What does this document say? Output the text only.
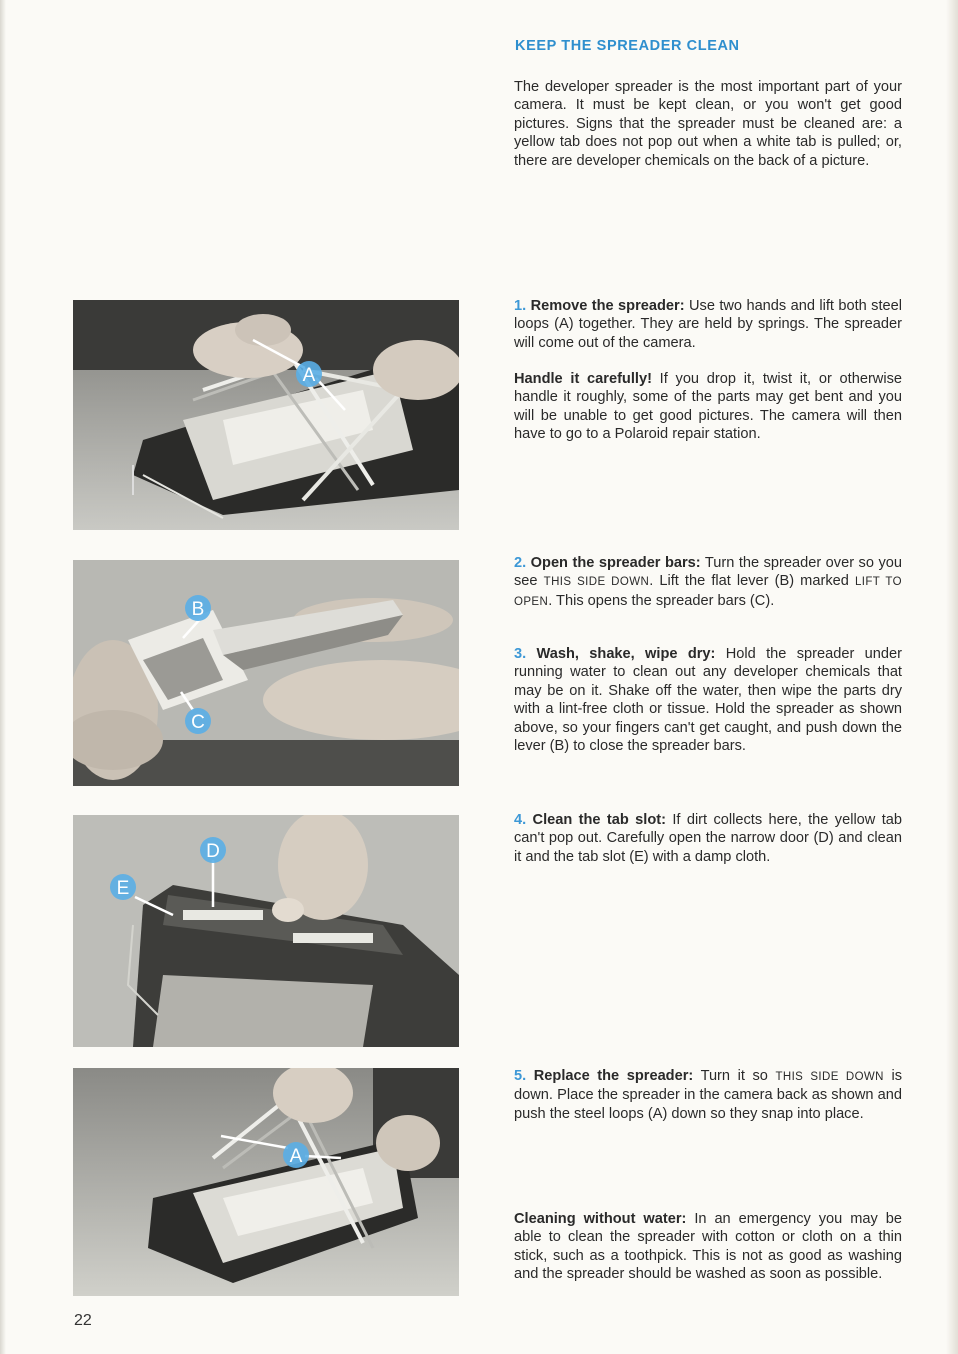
KEEP THE SPREADER CLEAN

The developer spreader is the most important part of your camera. It must be kept clean, or you won't get good pictures. Signs that the spreader must be cleaned are: a yellow tab does not pop out when a white tab is pulled; or, there are developer chemicals on the back of a picture.

1. Remove the spreader: Use two hands and lift both steel loops (A) together. They are held by springs. The spreader will come out of the camera.

Handle it carefully! If you drop it, twist it, or otherwise handle it roughly, some of the parts may get bent and you will be unable to get good pictures. The camera will then have to go to a Polaroid repair station.

2. Open the spreader bars: Turn the spreader over so you see THIS SIDE DOWN. Lift the flat lever (B) marked LIFT TO OPEN. This opens the spreader bars (C).

3. Wash, shake, wipe dry: Hold the spreader under running water to clean out any developer chemicals that may be on it. Shake off the water, then wipe the parts dry with a lint-free cloth or tissue. Hold the spreader as shown above, so your fingers can't get caught, and push down the lever (B) to close the spreader bars.

4. Clean the tab slot: If dirt collects here, the yellow tab can't pop out. Carefully open the narrow door (D) and clean it and the tab slot (E) with a damp cloth.

5. Replace the spreader: Turn it so THIS SIDE DOWN is down. Place the spreader in the camera back as shown and push the steel loops (A) down so they snap into place.

Cleaning without water: In an emergency you may be able to clean the spreader with cotton or cloth on a thin stick, such as a toothpick. This is not as good as washing and the spreader should be washed as soon as possible.

A
B
C
D
E
A
22
